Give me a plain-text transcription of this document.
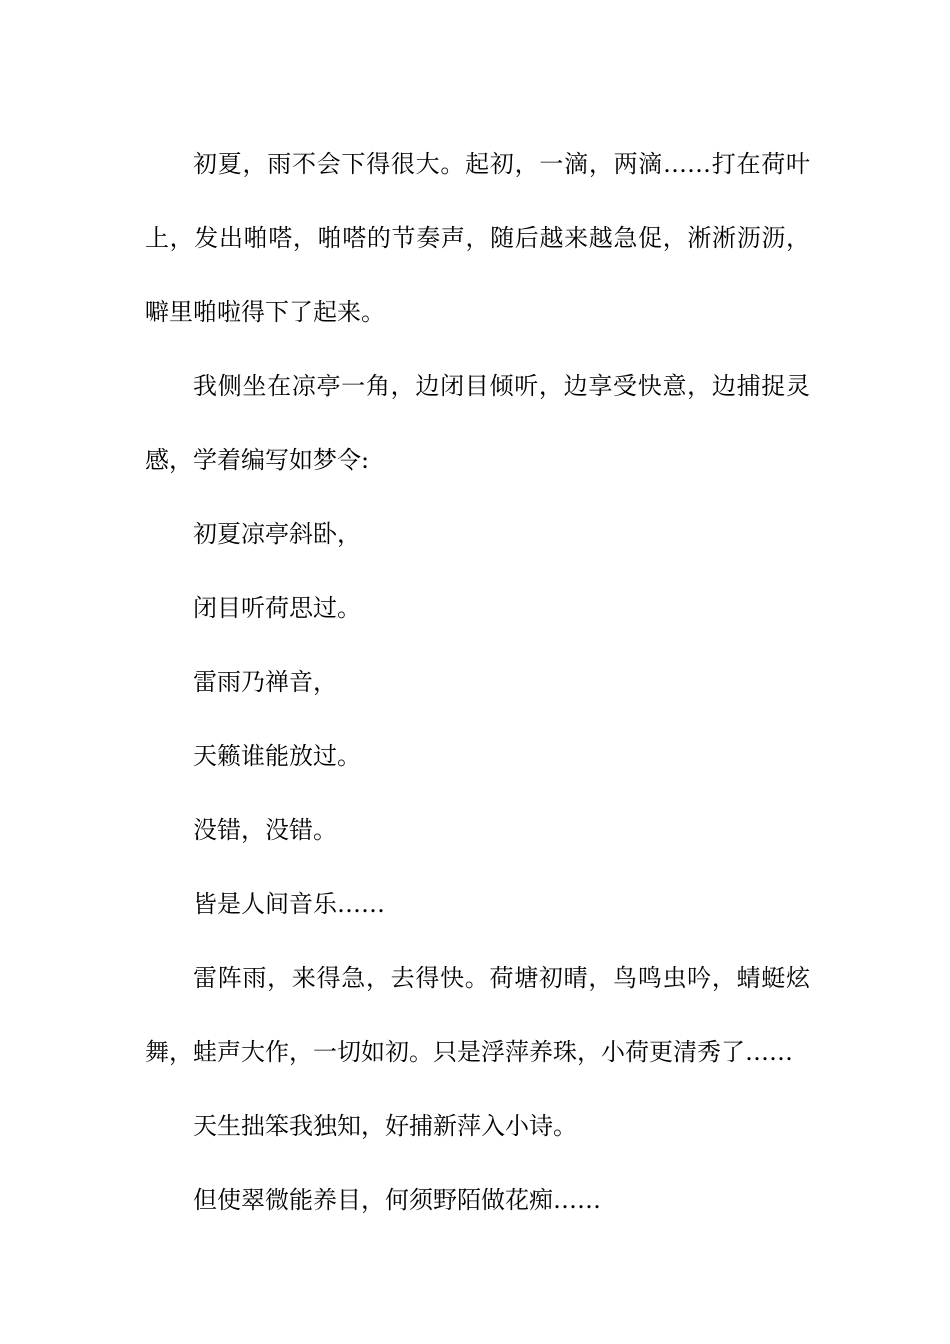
初夏，雨不会下得很大。起初，一滴，两滴……打在荷叶上，发出啪嗒，啪嗒的节奏声，随后越来越急促，淅淅沥沥，噼里啪啦得下了起来。

我侧坐在凉亭一角，边闭目倾听，边享受快意，边捕捉灵感，学着编写如梦令:

初夏凉亭斜卧，

闭目听荷思过。

雷雨乃禅音，

天籁谁能放过。

没错，没错。

皆是人间音乐……

雷阵雨，来得急，去得快。荷塘初晴，鸟鸣虫吟，蜻蜓炫舞，蛙声大作，一切如初。只是浮萍养珠，小荷更清秀了……

天生拙笨我独知，好捕新萍入小诗。

但使翠微能养目，何须野陌做花痴……
